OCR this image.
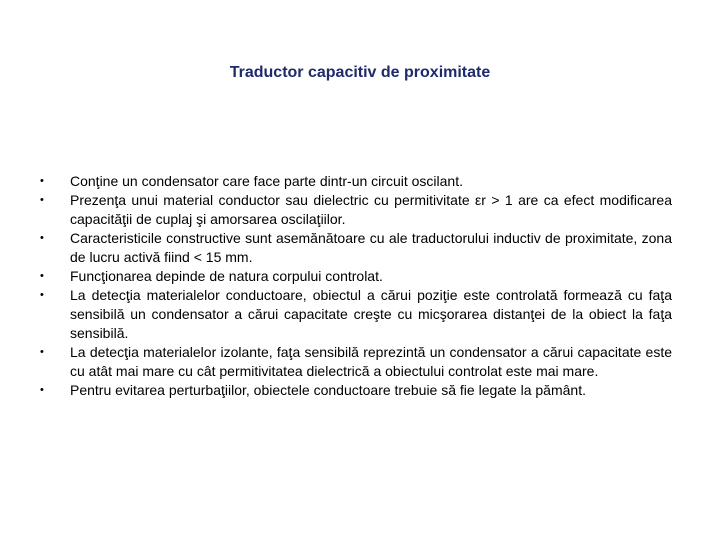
Traductor capacitiv de proximitate
•	Conţine un condensator care face parte dintr-un circuit oscilant.
•	Prezenţa unui material conductor sau dielectric cu permitivitate εr > 1 are ca efect modificarea capacităţii de cuplaj şi amorsarea oscilaţiilor.
•	Caracteristicile constructive sunt asemănătoare cu ale traductorului inductiv de proximitate, zona de lucru activă fiind < 15 mm.
•	Funcţionarea depinde de natura corpului controlat.
•	La detecţia materialelor conductoare, obiectul a cărui poziţie este controlată formează cu faţa sensibilă un condensator a cărui capacitate creşte cu micşorarea distanţei de la obiect la faţa sensibilă.
•	La detecţia materialelor izolante, faţa sensibilă reprezintă un condensator a cărui capacitate este cu atât mai mare cu cât permitivitatea dielectrică a obiectului controlat este mai mare.
•	Pentru evitarea perturbaţiilor, obiectele conductoare trebuie să fie legate la pământ.
